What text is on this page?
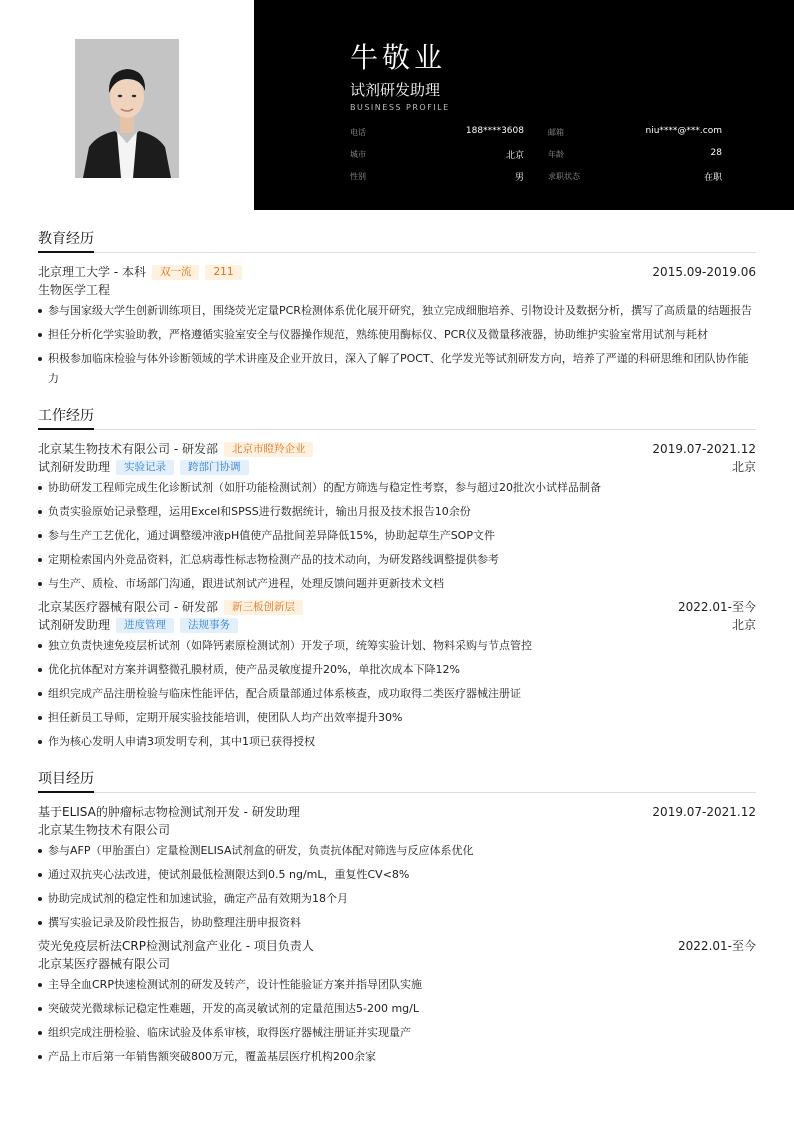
牛敬业
试剂研发助理
BUSINESS PROFILE
电话	188****3608	邮箱	niu****@***.com
城市	北京	年龄	28
性别	男	求职状态	在职
教育经历
北京理工大学 - 本科	双一流	211	2015.09-2019.06
生物医学工程
参与国家级大学生创新训练项目，围绕荧光定量PCR检测体系优化展开研究，独立完成细胞培养、引物设计及数据分析，撰写了高质量的结题报告
担任分析化学实验助教，严格遵循实验室安全与仪器操作规范，熟练使用酶标仪、PCR仪及微量移液器，协助维护实验室常用试剂与耗材
积极参加临床检验与体外诊断领域的学术讲座及企业开放日，深入了解了POCT、化学发光等试剂研发方向，培养了严谨的科研思维和团队协作能力
工作经历
北京某生物技术有限公司 - 研发部	北京市瞪羚企业	2019.07-2021.12
试剂研发助理	实验记录	跨部门协调	北京
协助研发工程师完成生化诊断试剂（如肝功能检测试剂）的配方筛选与稳定性考察，参与超过20批次小试样品制备
负责实验原始记录整理，运用Excel和SPSS进行数据统计，输出月报及技术报告10余份
参与生产工艺优化，通过调整缓冲液pH值使产品批间差异降低15%，协助起草生产SOP文件
定期检索国内外竞品资料，汇总病毒性标志物检测产品的技术动向，为研发路线调整提供参考
与生产、质检、市场部门沟通，跟进试剂试产进程，处理反馈问题并更新技术文档
北京某医疗器械有限公司 - 研发部	新三板创新层	2022.01-至今
试剂研发助理	进度管理	法规事务	北京
独立负责快速免疫层析试剂（如降钙素原检测试剂）开发子项，统筹实验计划、物料采购与节点管控
优化抗体配对方案并调整微孔膜材质，使产品灵敏度提升20%，单批次成本下降12%
组织完成产品注册检验与临床性能评估，配合质量部通过体系核查，成功取得二类医疗器械注册证
担任新员工导师，定期开展实验技能培训，使团队人均产出效率提升30%
作为核心发明人申请3项发明专利，其中1项已获得授权
项目经历
基于ELISA的肿瘤标志物检测试剂开发 - 研发助理	2019.07-2021.12
北京某生物技术有限公司
参与AFP（甲胎蛋白）定量检测ELISA试剂盒的研发，负责抗体配对筛选与反应体系优化
通过双抗夹心法改进，使试剂最低检测限达到0.5 ng/mL，重复性CV<8%
协助完成试剂的稳定性和加速试验，确定产品有效期为18个月
撰写实验记录及阶段性报告，协助整理注册申报资料
荧光免疫层析法CRP检测试剂盒产业化 - 项目负责人	2022.01-至今
北京某医疗器械有限公司
主导全血CRP快速检测试剂的研发及转产，设计性能验证方案并指导团队实施
突破荧光微球标记稳定性难题，开发的高灵敏试剂的定量范围达5-200 mg/L
组织完成注册检验、临床试验及体系审核，取得医疗器械注册证并实现量产
产品上市后第一年销售额突破800万元，覆盖基层医疗机构200余家
